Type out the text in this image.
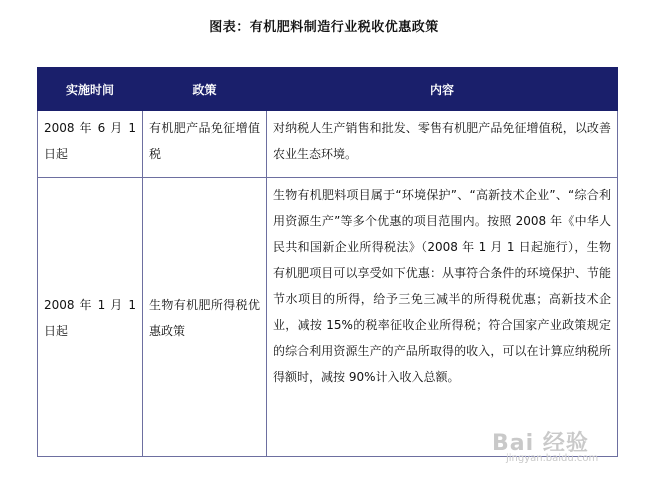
图表：有机肥料制造行业税收优惠政策
实施时间	政策	内容
2008 年 6 月 1 日起	有机肥产品免征增值税	对纳税人生产销售和批发、零售有机肥产品免征增值税，以改善农业生态环境。
2008 年 1 月 1 日起	生物有机肥所得税优惠政策	生物有机肥料项目属于“环境保护”、“高新技术企业”、“综合利用资源生产”等多个优惠的项目范围内。按照 2008 年《中华人民共和国新企业所得税法》（2008 年 1 月 1 日起施行），生物有机肥项目可以享受如下优惠：从事符合条件的环境保护、节能节水项目的所得，给予三免三减半的所得税优惠；高新技术企业，减按 15%的税率征收企业所得税；符合国家产业政策规定的综合利用资源生产的产品所取得的收入，可以在计算应纳税所得额时，减按 90%计入收入总额。
Bai 经验
jingyan.baidu.com
